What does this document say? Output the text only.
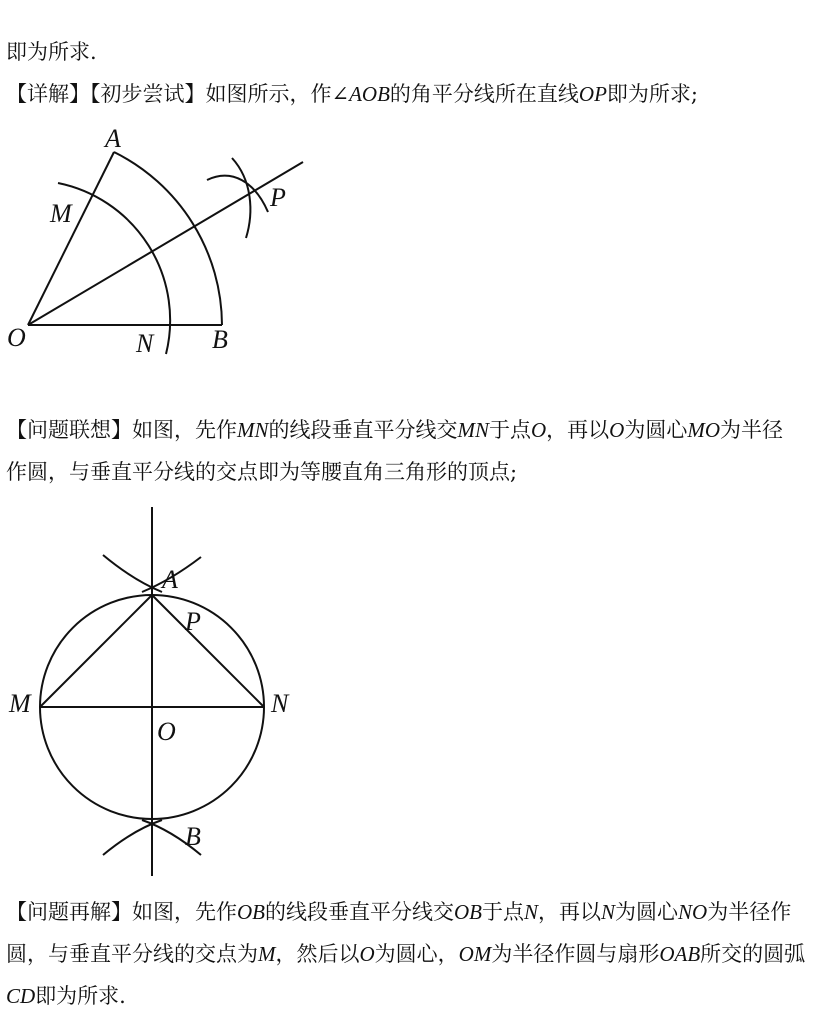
即为所求.
【详解】【初步尝试】如图所示，作∠AOB的角平分线所在直线OP即为所求;
A
M
P
O	N B
【问题联想】如图，先作MN的线段垂直平分线交MN于点O，再以O为圆心MO为半径
作圆，与垂直平分线的交点即为等腰直角三角形的顶点;
A
P
M	N
O
B
【问题再解】如图，先作OB的线段垂直平分线交OB于点N，再以N为圆心NO为半径作
圆，与垂直平分线的交点为M，然后以O为圆心，OM为半径作圆与扇形OAB所交的圆弧
CD即为所求.
